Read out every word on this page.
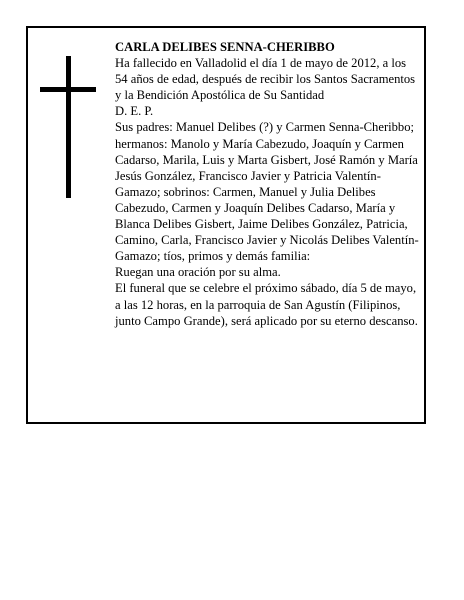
CARLA DELIBES SENNA-CHERIBBO

Ha fallecido en Valladolid el día 1 de mayo de 2012, a los 54 años de edad, después de recibir los Santos Sacramentos y la Bendición Apostólica de Su Santidad

D. E. P.

Sus padres: Manuel Delibes (?) y Carmen Senna-Cheribbo; hermanos: Manolo y María Cabezudo, Joaquín y Carmen Cadarso, Marila, Luis y Marta Gisbert, José Ramón y María Jesús González, Francisco Javier y Patricia Valentín-Gamazo; sobrinos: Carmen, Manuel y Julia Delibes Cabezudo, Carmen y Joaquín Delibes Cadarso, María y Blanca Delibes Gisbert, Jaime Delibes González, Patricia, Camino, Carla, Francisco Javier y Nicolás Delibes Valentín-Gamazo; tíos, primos y demás familia:

Ruegan una oración por su alma.

El funeral que se celebre el próximo sábado, día 5 de mayo, a las 12 horas, en la parroquia de San Agustín (Filipinos, junto Campo Grande), será aplicado por su eterno descanso.
